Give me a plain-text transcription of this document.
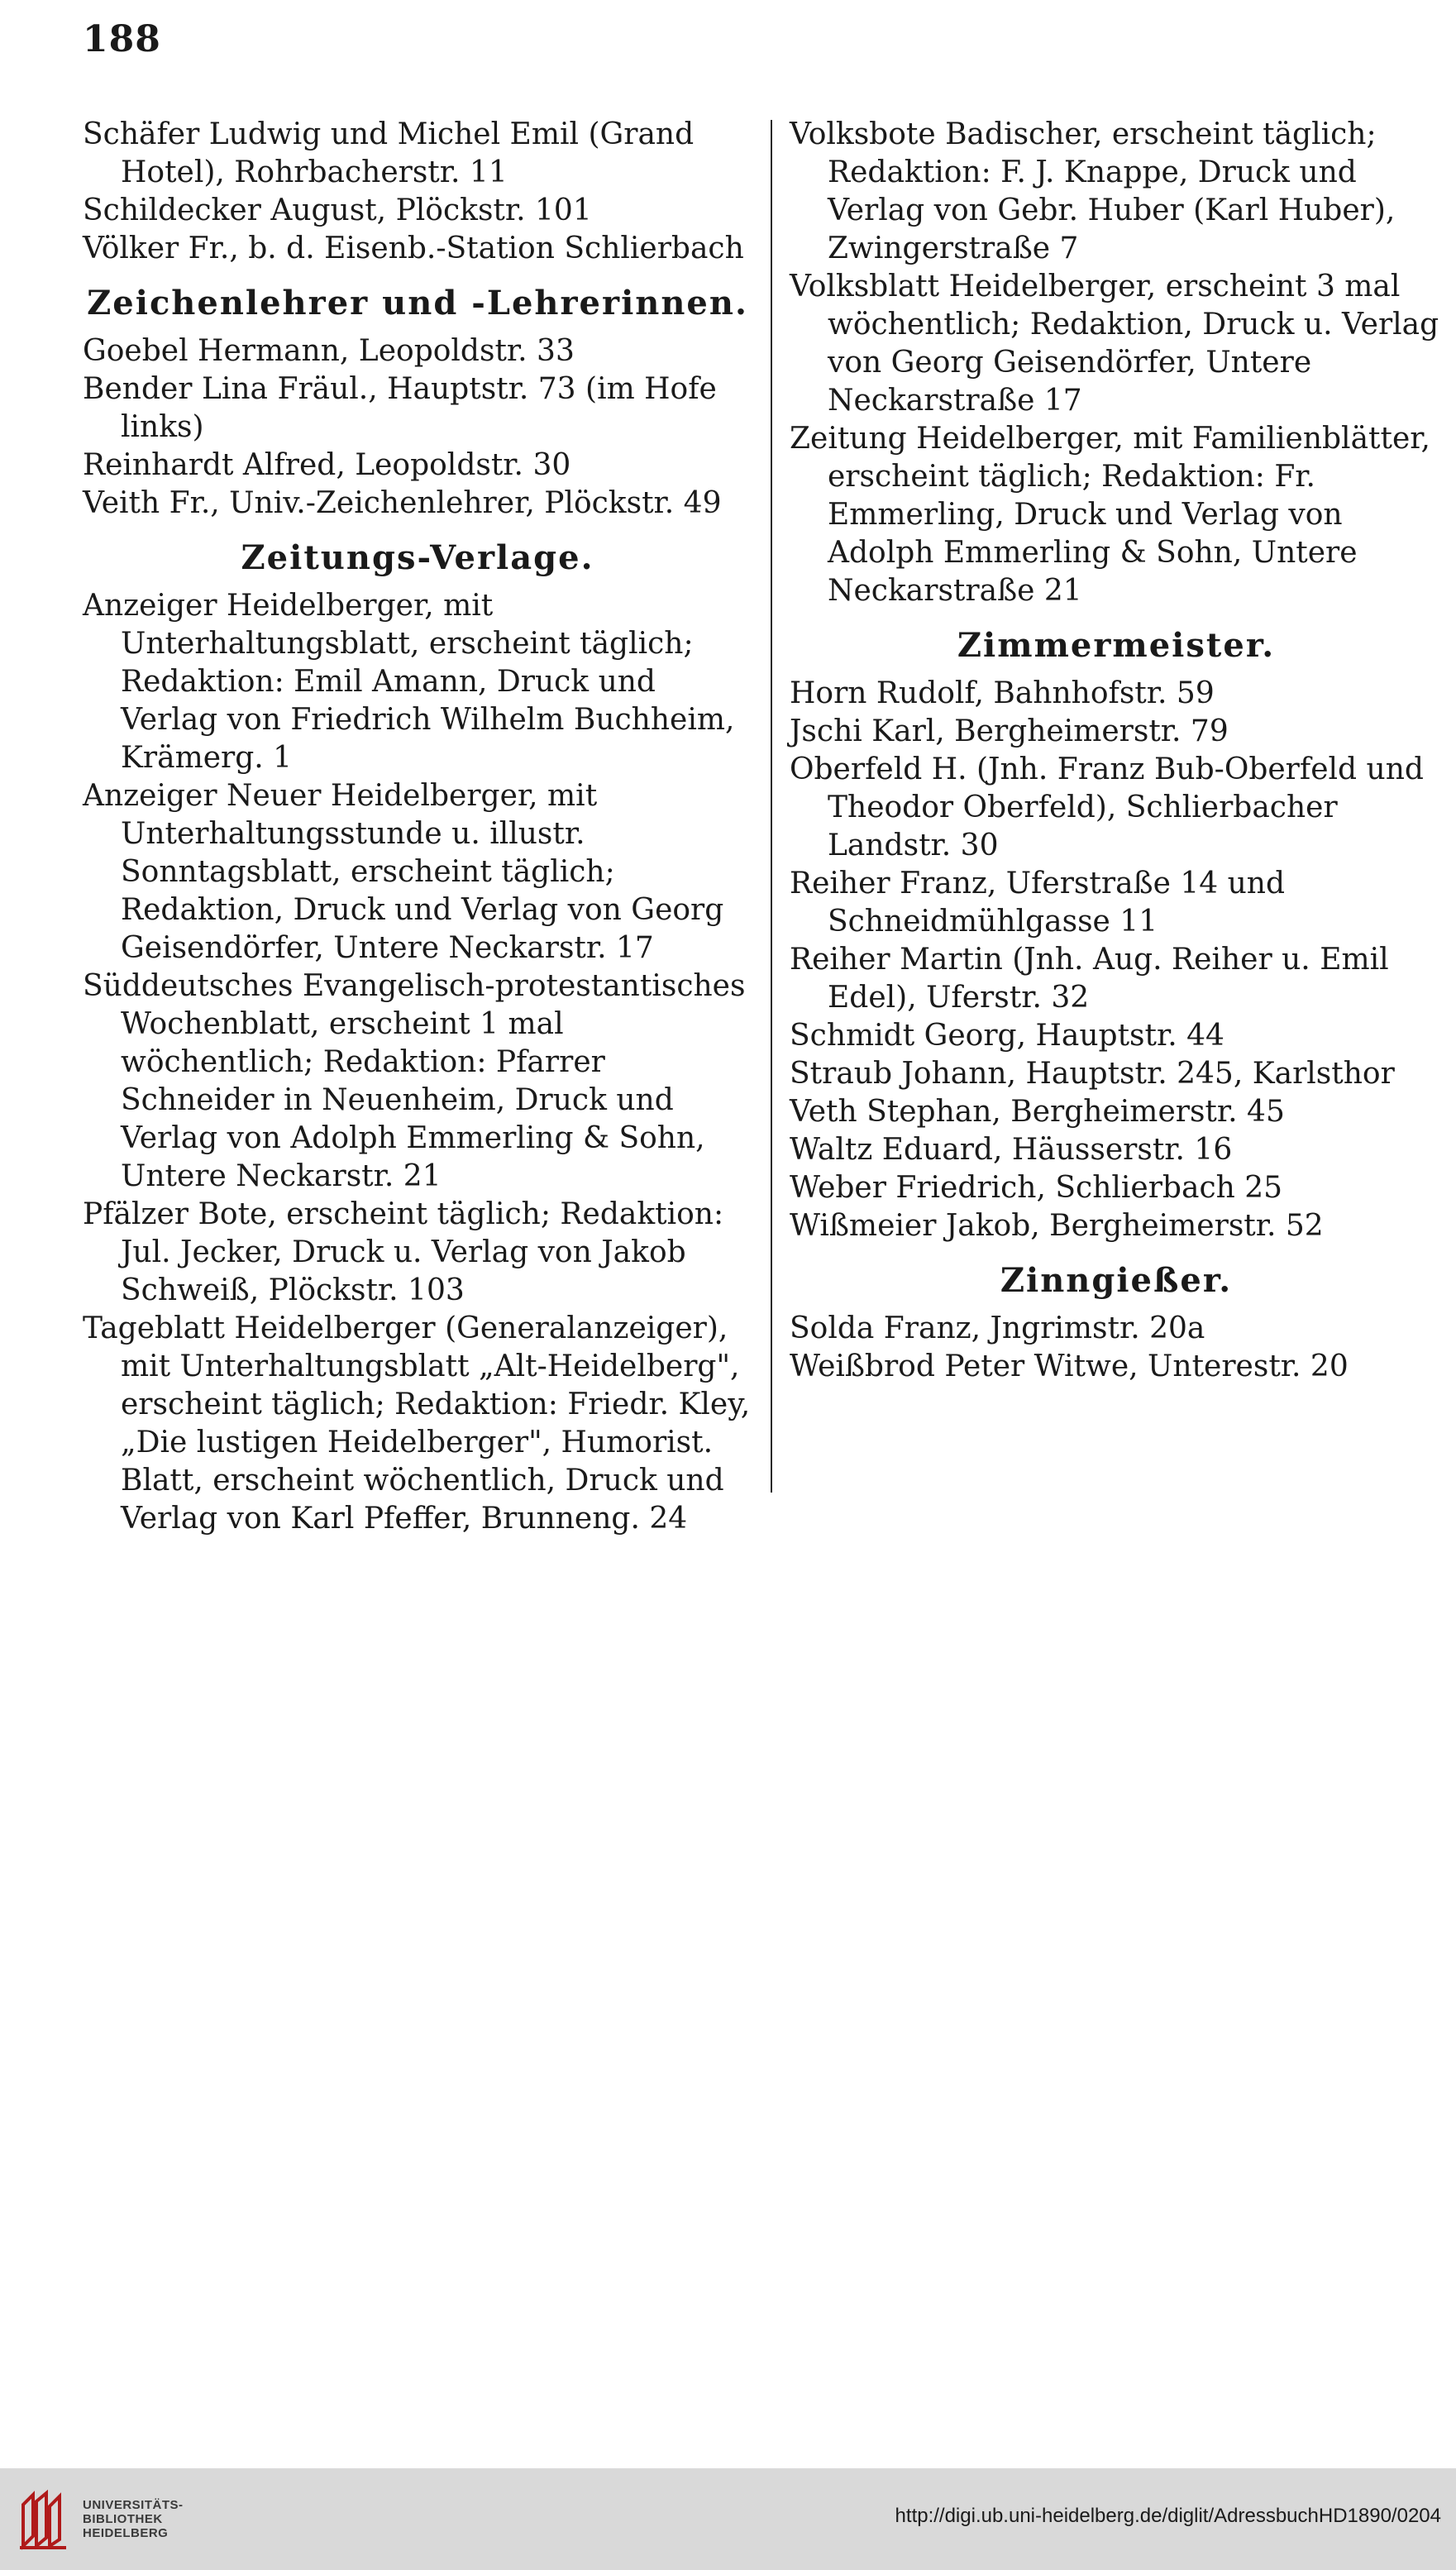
188

Schäfer Ludwig und Michel Emil (Grand Hotel), Rohrbacherstr. 11

Schildecker August, Plöckstr. 101

Völker Fr., b. d. Eisenb.-Station Schlierbach

Zeichenlehrer und -Lehrerinnen.

Goebel Hermann, Leopoldstr. 33

Bender Lina Fräul., Hauptstr. 73 (im Hofe links)

Reinhardt Alfred, Leopoldstr. 30

Veith Fr., Univ.-Zeichenlehrer, Plöckstr. 49

Zeitungs-Verlage.

Anzeiger Heidelberger, mit Unterhaltungsblatt, erscheint täglich; Redaktion: Emil Amann, Druck und Verlag von Friedrich Wilhelm Buchheim, Krämerg. 1

Anzeiger Neuer Heidelberger, mit Unterhaltungsstunde u. illustr. Sonntagsblatt, erscheint täglich; Redaktion, Druck und Verlag von Georg Geisendörfer, Untere Neckarstr. 17

Süddeutsches Evangelisch-protestantisches Wochenblatt, erscheint 1 mal wöchentlich; Redaktion: Pfarrer Schneider in Neuenheim, Druck und Verlag von Adolph Emmerling & Sohn, Untere Neckarstr. 21

Pfälzer Bote, erscheint täglich; Redaktion: Jul. Jecker, Druck u. Verlag von Jakob Schweiß, Plöckstr. 103

Tageblatt Heidelberger (Generalanzeiger), mit Unterhaltungsblatt „Alt-Heidelberg", erscheint täglich; Redaktion: Friedr. Kley, „Die lustigen Heidelberger", Humorist. Blatt, erscheint wöchentlich, Druck und Verlag von Karl Pfeffer, Brunneng. 24

Volksbote Badischer, erscheint täglich; Redaktion: F. J. Knappe, Druck und Verlag von Gebr. Huber (Karl Huber), Zwingerstraße 7

Volksblatt Heidelberger, erscheint 3 mal wöchentlich; Redaktion, Druck u. Verlag von Georg Geisendörfer, Untere Neckarstraße 17

Zeitung Heidelberger, mit Familienblätter, erscheint täglich; Redaktion: Fr. Emmerling, Druck und Verlag von Adolph Emmerling & Sohn, Untere Neckarstraße 21

Zimmermeister.

Horn Rudolf, Bahnhofstr. 59

Jschi Karl, Bergheimerstr. 79

Oberfeld H. (Jnh. Franz Bub-Oberfeld und Theodor Oberfeld), Schlierbacher Landstr. 30

Reiher Franz, Uferstraße 14 und Schneidmühlgasse 11

Reiher Martin (Jnh. Aug. Reiher u. Emil Edel), Uferstr. 32

Schmidt Georg, Hauptstr. 44

Straub Johann, Hauptstr. 245, Karlsthor

Veth Stephan, Bergheimerstr. 45

Waltz Eduard, Häusserstr. 16

Weber Friedrich, Schlierbach 25

Wißmeier Jakob, Bergheimerstr. 52

Zinngießer.

Solda Franz, Jngrimstr. 20a

Weißbrod Peter Witwe, Unterestr. 20

UNIVERSITÄTS-
BIBLIOTHEK
HEIDELBERG
http://digi.ub.uni-heidelberg.de/diglit/AdressbuchHD1890/0204
